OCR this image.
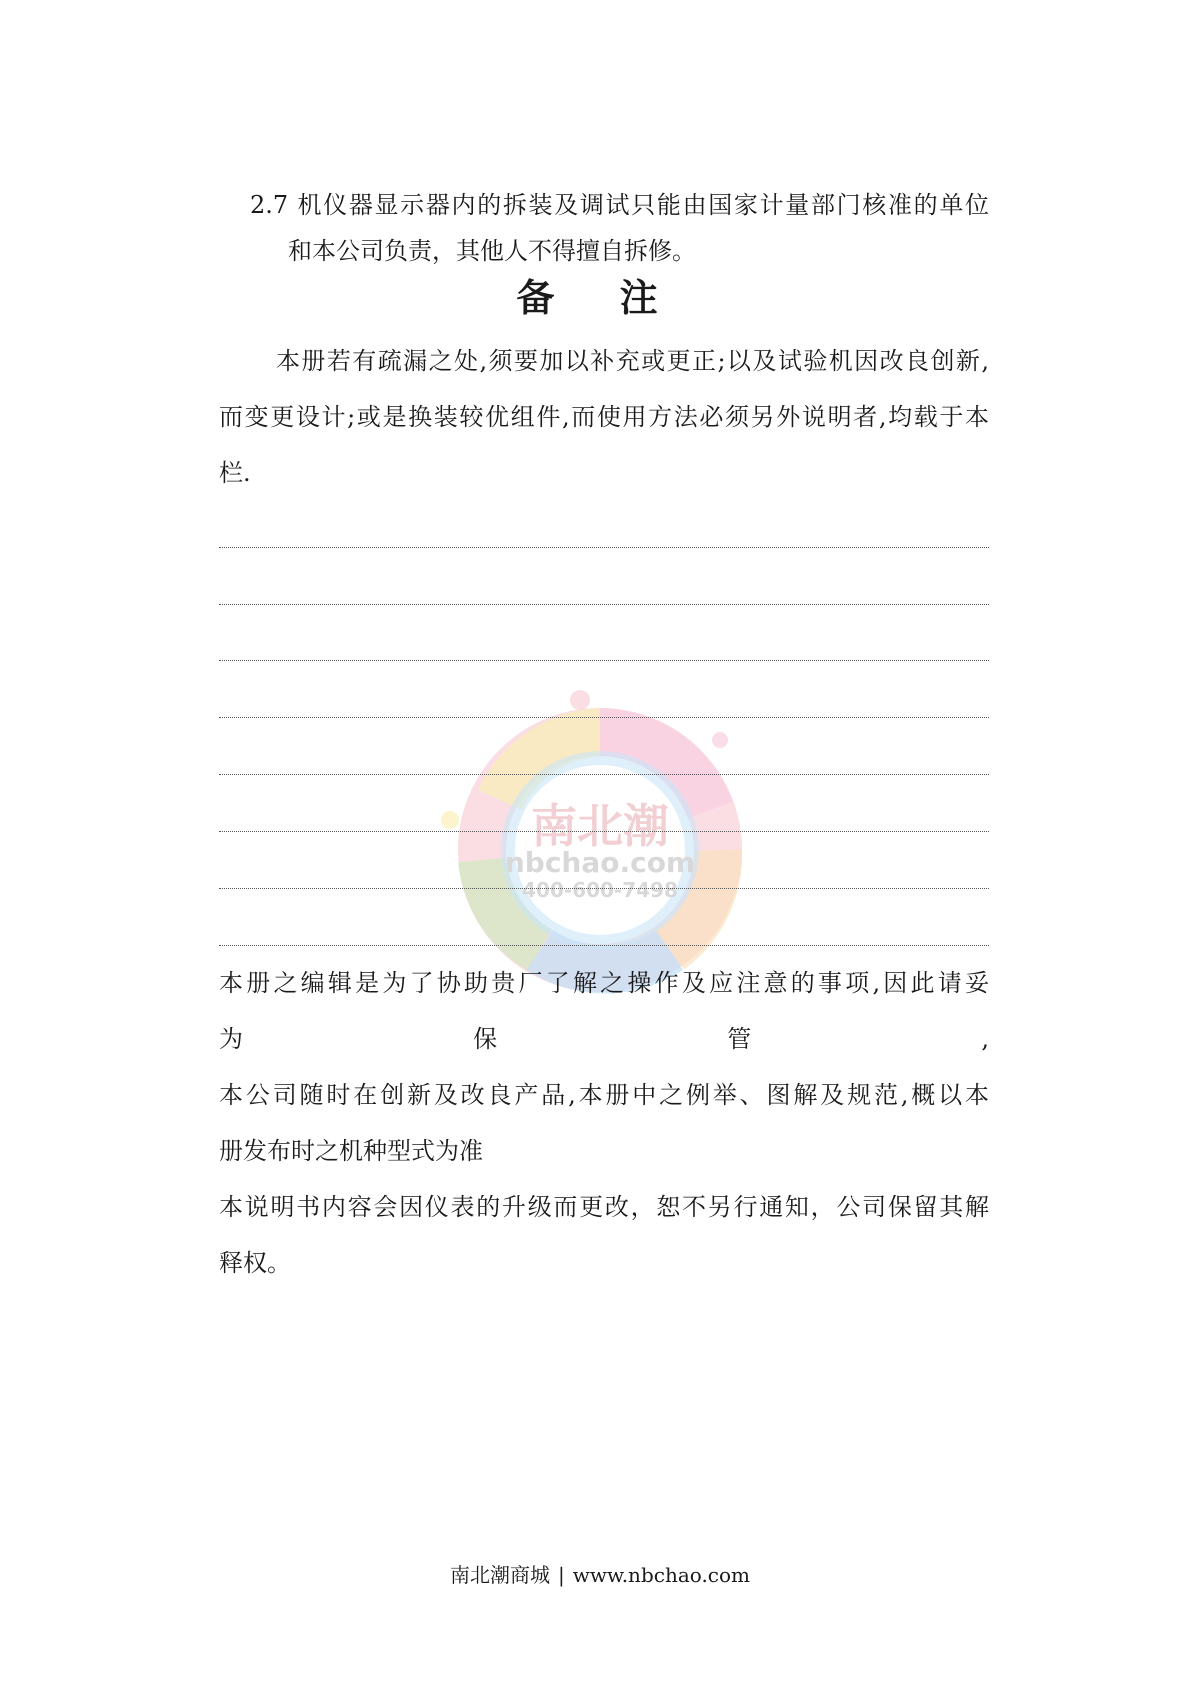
2.7 机仪器显示器内的拆装及调试只能由国家计量部门核准的单位
和本公司负责，其他人不得擅自拆修。
备 注
本册若有疏漏之处,须要加以补充或更正;以及试验机因改良创新,
而变更设计;或是换装较优组件,而使用方法必须另外说明者,均载于本
栏.
南北潮
nbchao.com
400-600-7498
本册之编辑是为了协助贵厂了解之操作及应注意的事项,因此请妥
为	保	管	,
本公司随时在创新及改良产品,本册中之例举、图解及规范,概以本
册发布时之机种型式为准
本说明书内容会因仪表的升级而更改，恕不另行通知，公司保留其解
释权。
南北潮商城 | www.nbchao.com
